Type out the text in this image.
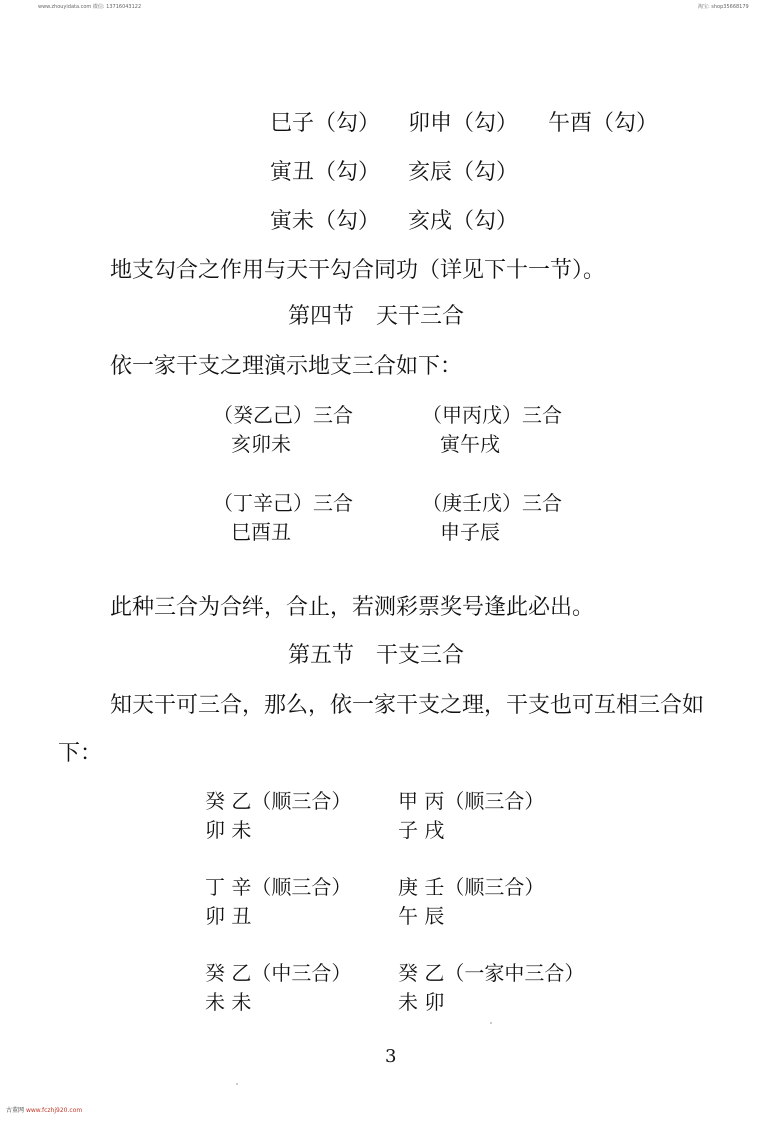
www.zhouyidata.com 微信: 13716043122	淘宝: shop35668179
巳子（勾） 卯申（勾） 午酉（勾）
寅丑（勾） 亥辰（勾）
寅未（勾） 亥戌（勾）
地支勾合之作用与天干勾合同功（详见下十一节）。
第四节　天干三合
依一家干支之理演示地支三合如下：
（癸乙己）三合
亥卯未
（甲丙戊）三合
寅午戌
（丁辛己）三合
巳酉丑
（庚壬戊）三合
申子辰
此种三合为合绊，合止，若测彩票奖号逢此必出。
第五节　干支三合
知天干可三合，那么，依一家干支之理，干支也可互相三合如
下：
癸 乙（顺三合）
卯 未
甲 丙（顺三合）
子 戌
丁 辛（顺三合）
卯 丑
庚 壬（顺三合）
午 辰
癸 乙（中三合）
未 未
癸 乙（一家中三合）
未 卯
3
古董网 www.fczhj920.com
